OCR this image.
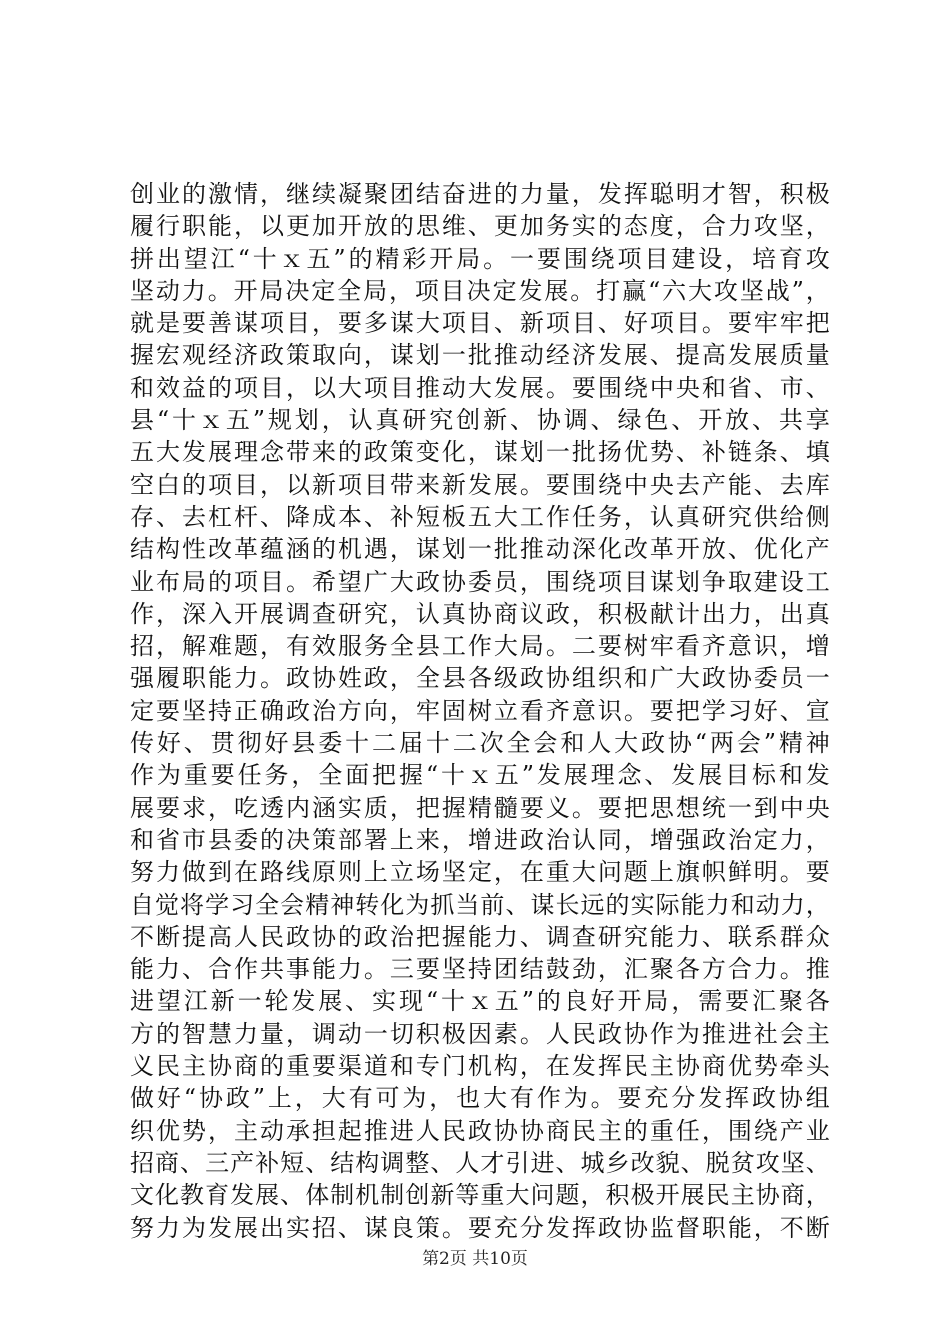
创业的激情，继续凝聚团结奋进的力量，发挥聪明才智，积极
履行职能，以更加开放的思维、更加务实的态度，合力攻坚，
拼出望江“十ｘ五”的精彩开局。一要围绕项目建设，培育攻
坚动力。开局决定全局，项目决定发展。打赢“六大攻坚战”，
就是要善谋项目，要多谋大项目、新项目、好项目。要牢牢把
握宏观经济政策取向，谋划一批推动经济发展、提高发展质量
和效益的项目，以大项目推动大发展。要围绕中央和省、市、
县“十ｘ五”规划，认真研究创新、协调、绿色、开放、共享
五大发展理念带来的政策变化，谋划一批扬优势、补链条、填
空白的项目，以新项目带来新发展。要围绕中央去产能、去库
存、去杠杆、降成本、补短板五大工作任务，认真研究供给侧
结构性改革蕴涵的机遇，谋划一批推动深化改革开放、优化产
业布局的项目。希望广大政协委员，围绕项目谋划争取建设工
作，深入开展调查研究，认真协商议政，积极献计出力，出真
招，解难题，有效服务全县工作大局。二要树牢看齐意识，增
强履职能力。政协姓政，全县各级政协组织和广大政协委员一
定要坚持正确政治方向，牢固树立看齐意识。要把学习好、宣
传好、贯彻好县委十二届十二次全会和人大政协“两会”精神
作为重要任务，全面把握“十ｘ五”发展理念、发展目标和发
展要求，吃透内涵实质，把握精髓要义。要把思想统一到中央
和省市县委的决策部署上来，增进政治认同，增强政治定力，
努力做到在路线原则上立场坚定，在重大问题上旗帜鲜明。要
自觉将学习全会精神转化为抓当前、谋长远的实际能力和动力，
不断提高人民政协的政治把握能力、调查研究能力、联系群众
能力、合作共事能力。三要坚持团结鼓劲，汇聚各方合力。推
进望江新一轮发展、实现“十ｘ五”的良好开局，需要汇聚各
方的智慧力量，调动一切积极因素。人民政协作为推进社会主
义民主协商的重要渠道和专门机构，在发挥民主协商优势牵头
做好“协政”上，大有可为，也大有作为。要充分发挥政协组
织优势，主动承担起推进人民政协协商民主的重任，围绕产业
招商、三产补短、结构调整、人才引进、城乡改貌、脱贫攻坚、
文化教育发展、体制机制创新等重大问题，积极开展民主协商，
努力为发展出实招、谋良策。要充分发挥政协监督职能，不断
第2页 共10页
